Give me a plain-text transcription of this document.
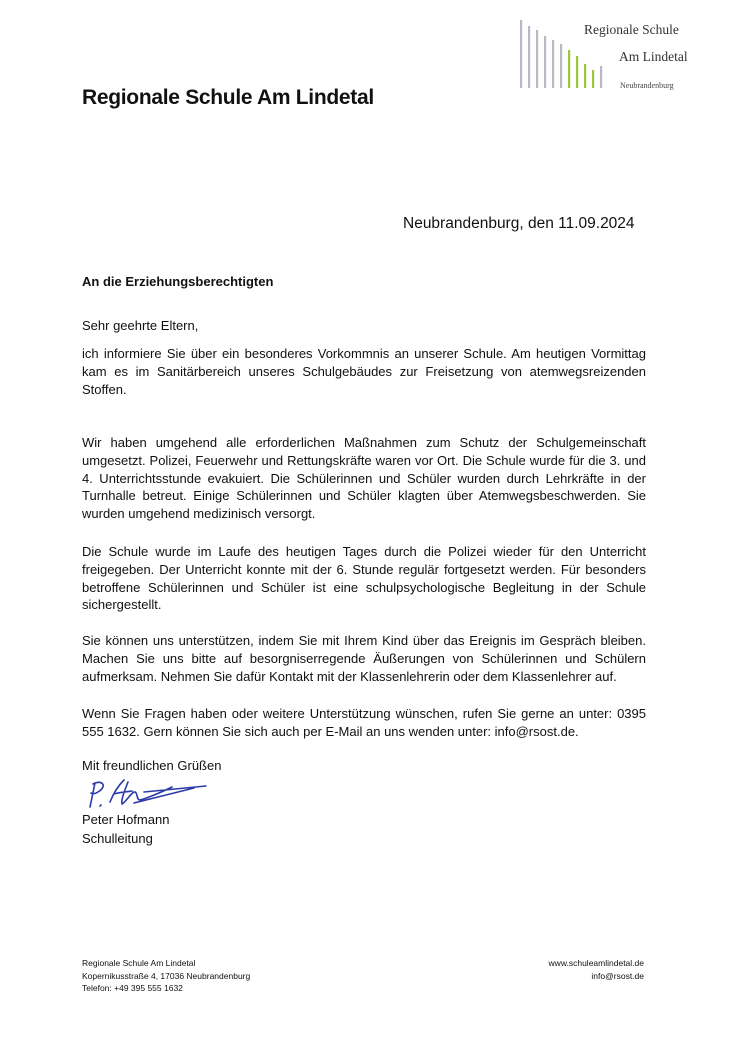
Regionale Schule
Am Lindetal
Neubrandenburg
Regionale Schule Am Lindetal
Neubrandenburg, den 11.09.2024
An die Erziehungsberechtigten
Sehr geehrte Eltern,

ich informiere Sie über ein besonderes Vorkommnis an unserer Schule. Am heutigen Vormittag kam es im Sanitärbereich unseres Schulgebäudes zur Freisetzung von atemwegsreizenden Stoffen.

Wir haben umgehend alle erforderlichen Maßnahmen zum Schutz der Schulgemeinschaft umgesetzt. Polizei, Feuerwehr und Rettungskräfte waren vor Ort. Die Schule wurde für die 3. und 4. Unterrichtsstunde evakuiert. Die Schülerinnen und Schüler wurden durch Lehrkräfte in der Turnhalle betreut. Einige Schülerinnen und Schüler klagten über Atemwegsbeschwerden. Sie wurden umgehend medizinisch versorgt.

Die Schule wurde im Laufe des heutigen Tages durch die Polizei wieder für den Unterricht freigegeben. Der Unterricht konnte mit der 6. Stunde regulär fortgesetzt werden. Für besonders betroffene Schülerinnen und Schüler ist eine schulpsychologische Begleitung in der Schule sichergestellt.

Sie können uns unterstützen, indem Sie mit Ihrem Kind über das Ereignis im Gespräch bleiben. Machen Sie uns bitte auf besorgniserregende Äußerungen von Schülerinnen und Schülern aufmerksam. Nehmen Sie dafür Kontakt mit der Klassenlehrerin oder dem Klassenlehrer auf.

Wenn Sie Fragen haben oder weitere Unterstützung wünschen, rufen Sie gerne an unter: 0395 555 1632. Gern können Sie sich auch per E-Mail an uns wenden unter: info@rsost.de.

Mit freundlichen Grüßen
Peter Hofmann
Schulleitung
Regionale Schule Am Lindetal
Kopernikusstraße 4, 17036 Neubrandenburg
Telefon: +49 395 555 1632
www.schuleamlindetal.de
info@rsost.de
